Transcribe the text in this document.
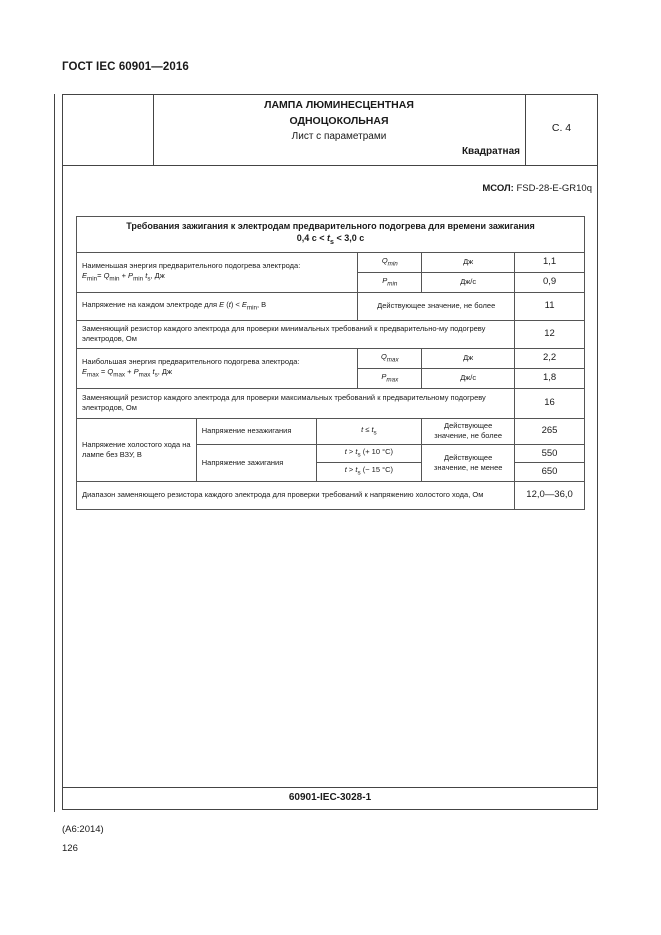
ГОСТ IEC 60901—2016
ЛАМПА ЛЮМИНЕСЦЕНТНАЯ
ОДНОЦОКОЛЬНАЯ
Лист с параметрами
Квадратная
С. 4
МСОЛ: FSD-28-E-GR10q
Требования зажигания к электродам предварительного подогрева для времени зажигания
0,4 $с < t_s < 3,0$ с					
Наименьшая энергия предварительного подогрева электрода:
$E_{min}= Q_{min} + P_{min}$ $t_s$, Дж			$Q_{min}$	Дж	1,1
			$P_{min}$	Дж/с	0,9
Напряжение на каждом электроде для E $(t) < E_{min}$, В			Действующее значение, не более		11
Заменяющий резистор каждого электрода для проверки минимальных требований к предварительно-му подогреву электродов, Ом					12
Наибольшая энергия предварительного подогрева электрода:
$E_{max} = Q_{max} + P_{max}$ $t_s$, Дж			$Q_{max}$	Дж	2,2
			$P_{max}$	Дж/с	1,8
Заменяющий резистор каждого электрода для проверки максимальных требований к предварительному подогреву электродов, Ом					16
Напряжение холостого хода на лампе без ВЗУ, В	Напряжение незажигания	$t \le t_s$		Действующее значение, не более	265
	Напряжение зажигания	$t > t_s$ (+ 10 °C)		Действующее значение, не менее	550
		$t > t_s$ (− 15 °C)			650
Диапазон заменяющего резистора каждого электрода для проверки требований к напряжению холостого хода, Ом					12,0—36,0
60901-IEC-3028-1
(A6:2014)
126
